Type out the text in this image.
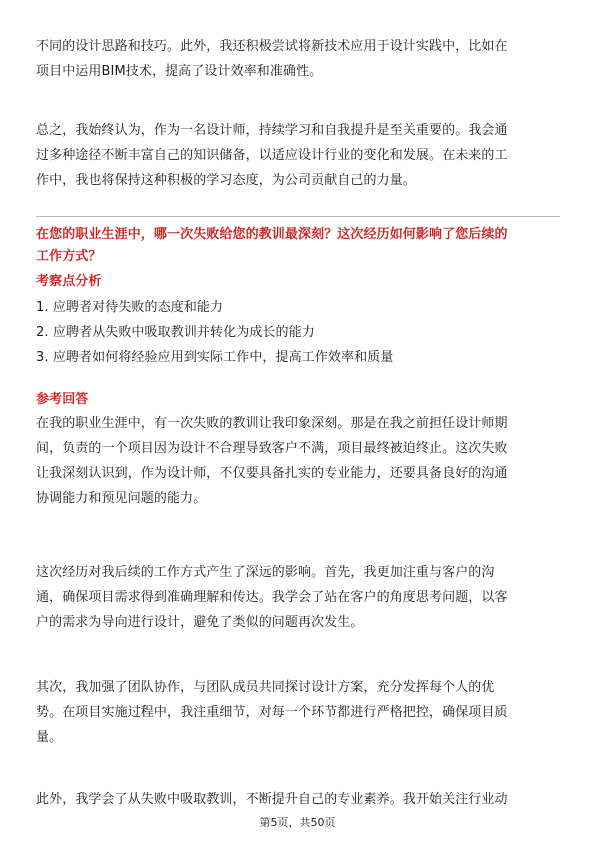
不同的设计思路和技巧。此外，我还积极尝试将新技术应用于设计实践中，比如在
项目中运用BIM技术，提高了设计效率和准确性。
总之，我始终认为，作为一名设计师，持续学习和自我提升是至关重要的。我会通
过多种途径不断丰富自己的知识储备，以适应设计行业的变化和发展。在未来的工
作中，我也将保持这种积极的学习态度，为公司贡献自己的力量。
在您的职业生涯中，哪一次失败给您的教训最深刻？这次经历如何影响了您后续的
工作方式？
考察点分析
1. 应聘者对待失败的态度和能力
2. 应聘者从失败中吸取教训并转化为成长的能力
3. 应聘者如何将经验应用到实际工作中，提高工作效率和质量
参考回答
在我的职业生涯中，有一次失败的教训让我印象深刻。那是在我之前担任设计师期
间，负责的一个项目因为设计不合理导致客户不满，项目最终被迫终止。这次失败
让我深刻认识到，作为设计师，不仅要具备扎实的专业能力，还要具备良好的沟通
协调能力和预见问题的能力。
这次经历对我后续的工作方式产生了深远的影响。首先，我更加注重与客户的沟
通，确保项目需求得到准确理解和传达。我学会了站在客户的角度思考问题，以客
户的需求为导向进行设计，避免了类似的问题再次发生。
其次，我加强了团队协作，与团队成员共同探讨设计方案，充分发挥每个人的优
势。在项目实施过程中，我注重细节，对每一个环节都进行严格把控，确保项目质
量。
此外，我学会了从失败中吸取教训，不断提升自己的专业素养。我开始关注行业动
第5页，共50页
